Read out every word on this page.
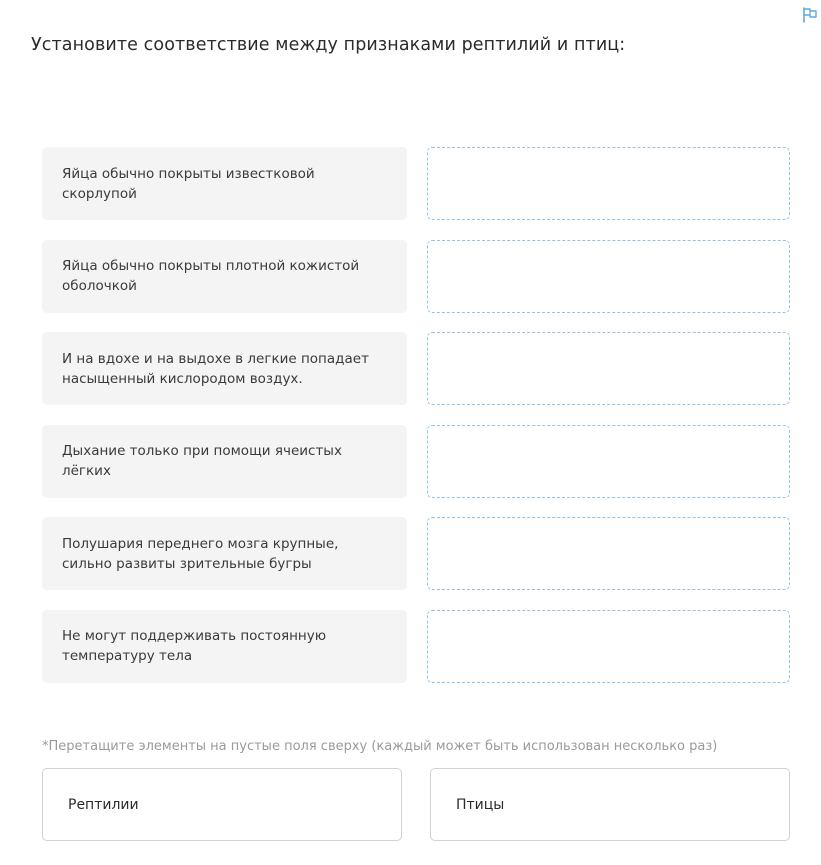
Установите соответствие между признаками рептилий и птиц:
Яйца обычно покрыты известковой скорлупой
Яйца обычно покрыты плотной кожистой оболочкой
И на вдохе и на выдохе в легкие попадает насыщенный кислородом воздух.
Дыхание только при помощи ячеистых лёгких
Полушария переднего мозга крупные, сильно развиты зрительные бугры
Не могут поддерживать постоянную температуру тела
*Перетащите элементы на пустые поля сверху (каждый может быть использован несколько раз)
Рептилии	Птицы
